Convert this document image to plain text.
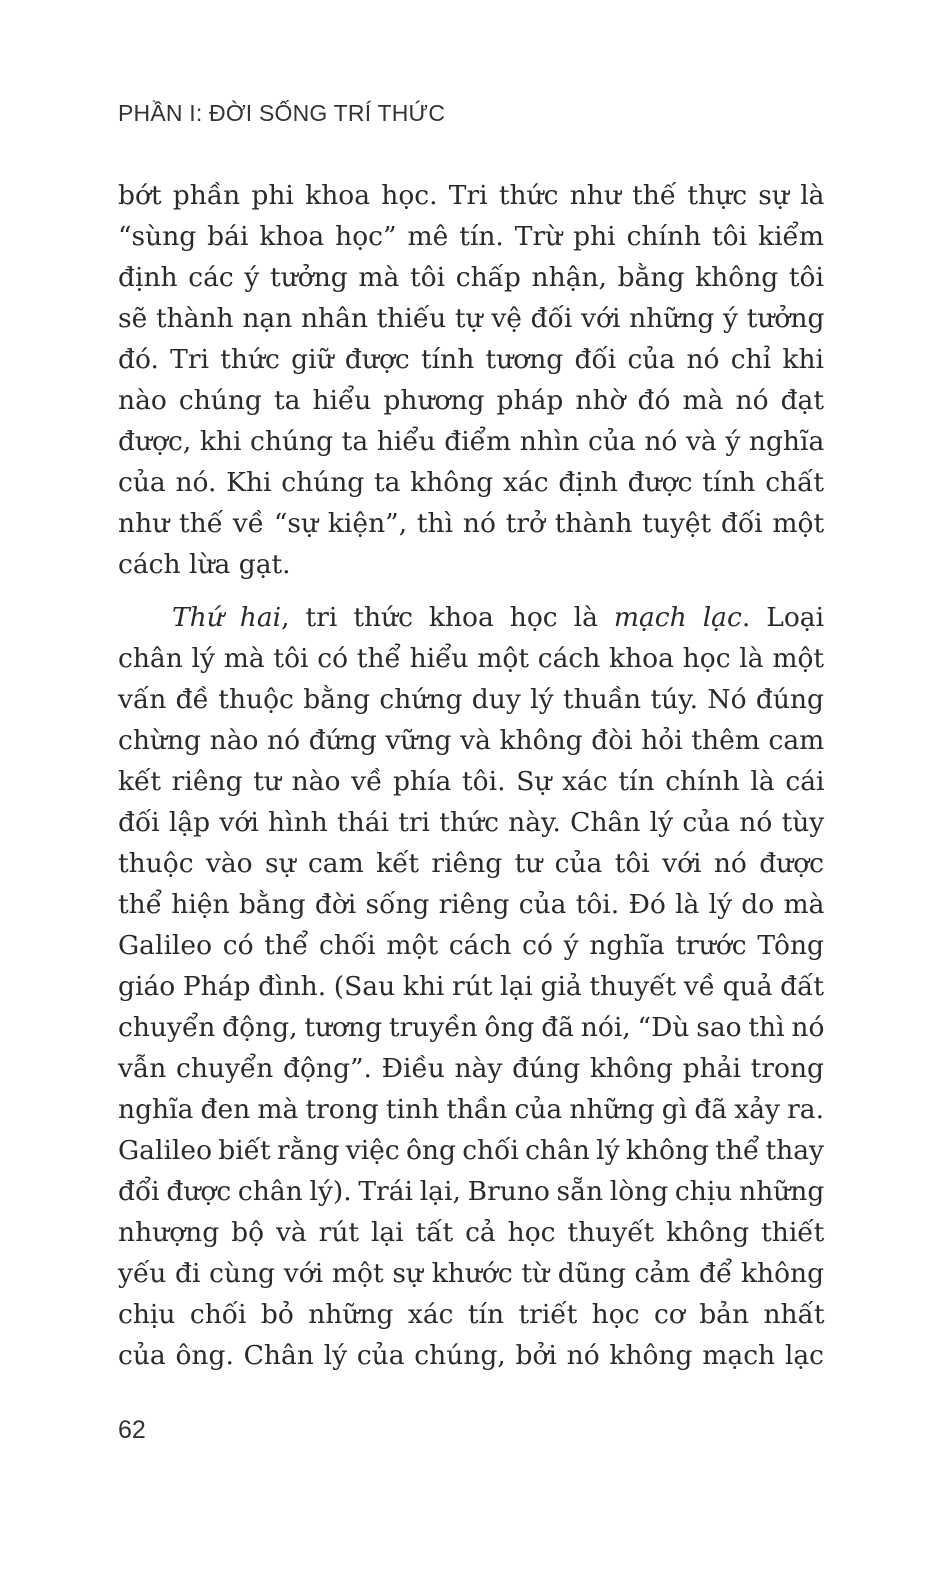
PHẦN I: ĐỜI SỐNG TRÍ THỨC
bớt phần phi khoa học. Tri thức như thế thực sự là
“sùng bái khoa học” mê tín. Trừ phi chính tôi kiểm
định các ý tưởng mà tôi chấp nhận, bằng không tôi
sẽ thành nạn nhân thiếu tự vệ đối với những ý tưởng
đó. Tri thức giữ được tính tương đối của nó chỉ khi
nào chúng ta hiểu phương pháp nhờ đó mà nó đạt
được, khi chúng ta hiểu điểm nhìn của nó và ý nghĩa
của nó. Khi chúng ta không xác định được tính chất
như thế về “sự kiện”, thì nó trở thành tuyệt đối một
cách lừa gạt.
Thứ hai, tri thức khoa học là mạch lạc. Loại
chân lý mà tôi có thể hiểu một cách khoa học là một
vấn đề thuộc bằng chứng duy lý thuần túy. Nó đúng
chừng nào nó đứng vững và không đòi hỏi thêm cam
kết riêng tư nào về phía tôi. Sự xác tín chính là cái
đối lập với hình thái tri thức này. Chân lý của nó tùy
thuộc vào sự cam kết riêng tư của tôi với nó được
thể hiện bằng đời sống riêng của tôi. Đó là lý do mà
Galileo có thể chối một cách có ý nghĩa trước Tông
giáo Pháp đình. (Sau khi rút lại giả thuyết về quả đất
chuyển động, tương truyền ông đã nói, “Dù sao thì nó
vẫn chuyển động”. Điều này đúng không phải trong
nghĩa đen mà trong tinh thần của những gì đã xảy ra.
Galileo biết rằng việc ông chối chân lý không thể thay
đổi được chân lý). Trái lại, Bruno sẵn lòng chịu những
nhượng bộ và rút lại tất cả học thuyết không thiết
yếu đi cùng với một sự khước từ dũng cảm để không
chịu chối bỏ những xác tín triết học cơ bản nhất
của ông. Chân lý của chúng, bởi nó không mạch lạc
62
